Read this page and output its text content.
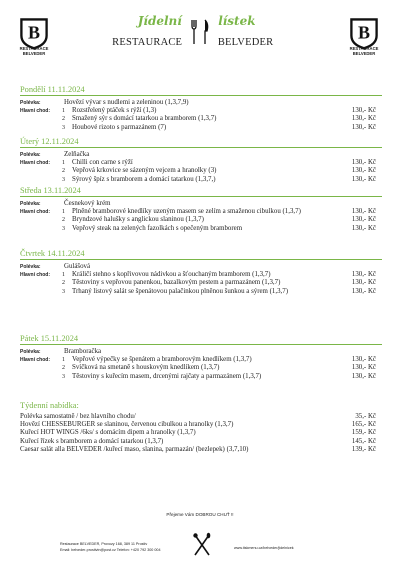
B
RESTAURACE
BELVEDER
B
RESTAURACE
BELVEDER
Jídelní	lístek
RESTAURACE	BELVEDER
Pondělí 11.11.2024
Polévka:	Hovězí vývar s nudlemi a zeleninou (1,3,7,9)
Hlavní chod: 1 Rozstřelený ptáček s rýží (1,3)	130,- Kč
2 Smažený sýr s domácí tatarkou a bramborem (1,3,7)	130,- Kč
3 Houbové rizoto s parmazánem (7)	130,- Kč
Úterý 12.11.2024
Polévka:	Zelňačka
Hlavní chod: 1 Chilli con carne s rýží	130,- Kč
2 Vepřová krkovice se sázeným vejcem a hranolky (3)	130,- Kč
3 Sýrový špíz s bramborem a domácí tatarkou (1,3,7,)	130,- Kč
Středa 13.11.2024
Polévka:	Česnekový krém
Hlavní chod: 1 Plněné bramborové knedlíky uzeným masem se zelím a smaženou cibulkou (1,3,7)	130,- Kč
2 Bryndzové halušky s anglickou slaninou (1,3,7)	130,- Kč
3 Vepřový steak na zelených fazolkách s opečeným bramborem	130,- Kč
Čtvrtek 14.11.2024
Polévka:	Gulášová
Hlavní chod: 1 Králičí stehno s kopřivovou nádivkou a šťouchaným bramborem (1,3,7)	130,- Kč
2 Těstoviny s vepřovou panenkou, bazalkovým pestem a parmazánem (1,3,7)	130,- Kč
3 Trhaný listový salát se špenátovou palačinkou plněnou šunkou a sýrem (1,3,7)	130,- Kč
Pátek 15.11.2024
Polévka:	Bramboračka
Hlavní chod: 1 Vepřové výpečky se špenátem a bramborovým knedlíkem (1,3,7)	130,- Kč
2 Svíčková na smetaně s houskovým knedlíkem (1,3,7)	130,- Kč
3 Těstoviny s kuřecím masem, drcenými rajčaty a parmazánem (1,3,7)	130,- Kč
Týdenní nabídka:
Polévka samostatně / bez hlavního chodu/	35,- Kč
Hovězí CHESSEBURGER se slaninou, červenou cibulkou a hranolky (1,3,7)	165,- Kč
Kuřecí HOT WINGS /6ks/ s domácím dipem a hranolky (1,3,7)	159,- Kč
Kuřecí řízek s bramborem a domácí tatarkou (1,3,7)	145,- Kč
Caesar salát alla BELVEDER /kuřecí maso, slanina, parmazán/ (bezlepek) (3,7,10)	139,- Kč
Přejeme Vám DOBROU CHUŤ !!
Restaurace BELVEDER, Provozy 168, 389 11 Prostiv
Email: belveder-prostivin@post.cz Telefon: +420 792 300 004	www.tiskmenu.cz/belveder/jidelnicek
